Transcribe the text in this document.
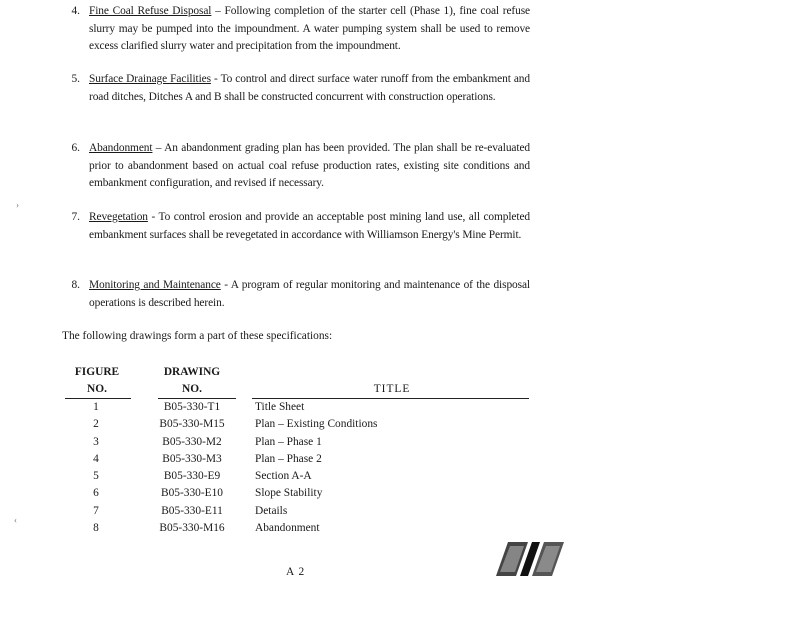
4. Fine Coal Refuse Disposal – Following completion of the starter cell (Phase 1), fine coal refuse slurry may be pumped into the impoundment. A water pumping system shall be used to remove excess clarified slurry water and precipitation from the impoundment.
5. Surface Drainage Facilities - To control and direct surface water runoff from the embankment and road ditches, Ditches A and B shall be constructed concurrent with construction operations.
6. Abandonment – An abandonment grading plan has been provided. The plan shall be re-evaluated prior to abandonment based on actual coal refuse production rates, existing site conditions and embankment configuration, and revised if necessary.
7. Revegetation - To control erosion and provide an acceptable post mining land use, all completed embankment surfaces shall be revegetated in accordance with Williamson Energy's Mine Permit.
8. Monitoring and Maintenance - A program of regular monitoring and maintenance of the disposal operations is described herein.
The following drawings form a part of these specifications:
FIGURE
NO.
DRAWING
NO.	TITLE
1	B05-330-T1	Title Sheet
2	B05-330-M15	Plan – Existing Conditions
3	B05-330-M2	Plan – Phase 1
4	B05-330-M3	Plan – Phase 2
5	B05-330-E9	Section A-A
6	B05-330-E10	Slope Stability
7	B05-330-E11	Details
8	B05-330-M16	Abandonment
A 2
›
‹
